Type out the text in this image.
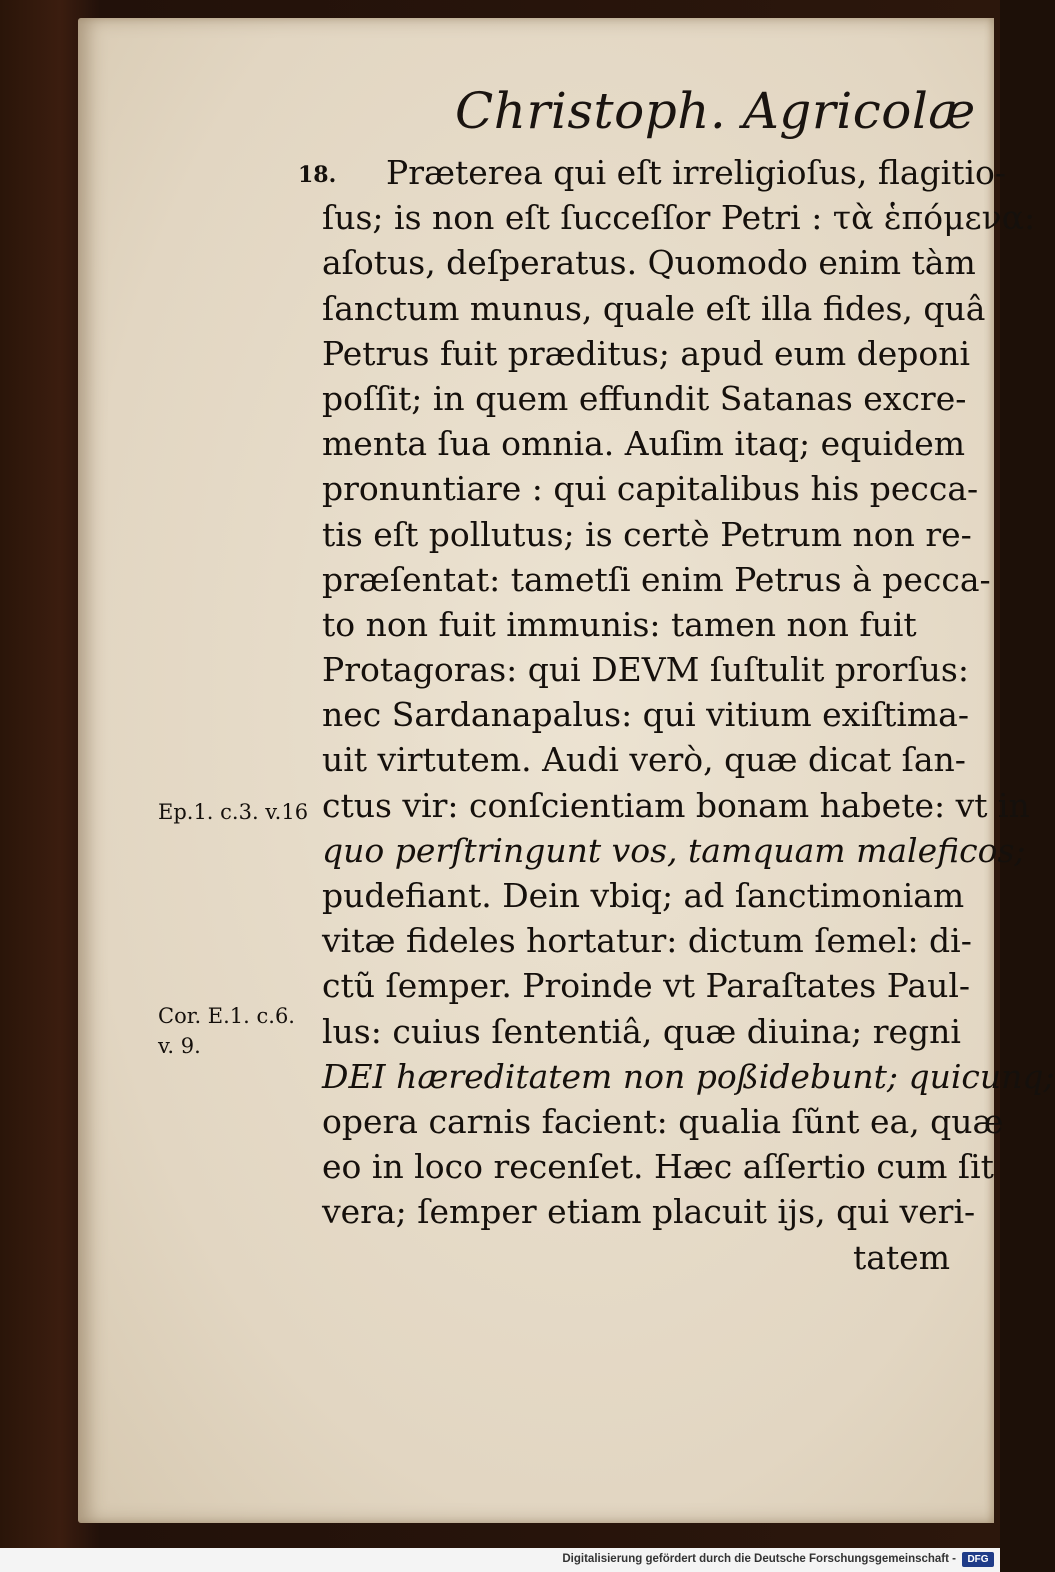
Christoph. Agricolæ
18.	Præterea qui eſt irreligioſus, flagitio-
ſus; is non eſt ſucceſſor Petri : τὰ ἑπόμενα:
aſotus, deſperatus. Quomodo enim tàm
ſanctum munus, quale eſt illa fides, quâ
Petrus fuit præditus; apud eum deponi
poſſit; in quem effundit Satanas excre-
menta ſua omnia. Auſim itaq; equidem
pronuntiare : qui capitalibus his pecca-
tis eſt pollutus; is certè Petrum non re-
præſentat: tametſi enim Petrus à pecca-
to non fuit immunis: tamen non fuit
Protagoras: qui DEVM ſuſtulit prorſus:
nec Sardanapalus: qui vitium exiſtima-
uit virtutem. Audi verò, quæ dicat ſan-
ctus vir: conſcientiam bonam habete: vt in
quo perſtringunt vos, tamquam maleficos;
pudefiant. Dein vbiq; ad ſanctimoniam
vitæ fideles hortatur: dictum ſemel: di-
ctũ ſemper. Proinde vt Paraſtates Paul-
lus: cuius ſententiâ, quæ diuina; regni
DEI hæreditatem non poßidebunt; quicunq;
opera carnis facient: qualia ſũnt ea, quæ
eo in loco recenſet. Hæc aſſertio cum ſit
vera; ſemper etiam placuit ijs, qui veri-
tatem
Ep.1. c.3. v.16
Cor. E.1. c.6.
v. 9.
Digitalisierung gefördert durch die Deutsche Forschungsgemeinschaft -	DFG
